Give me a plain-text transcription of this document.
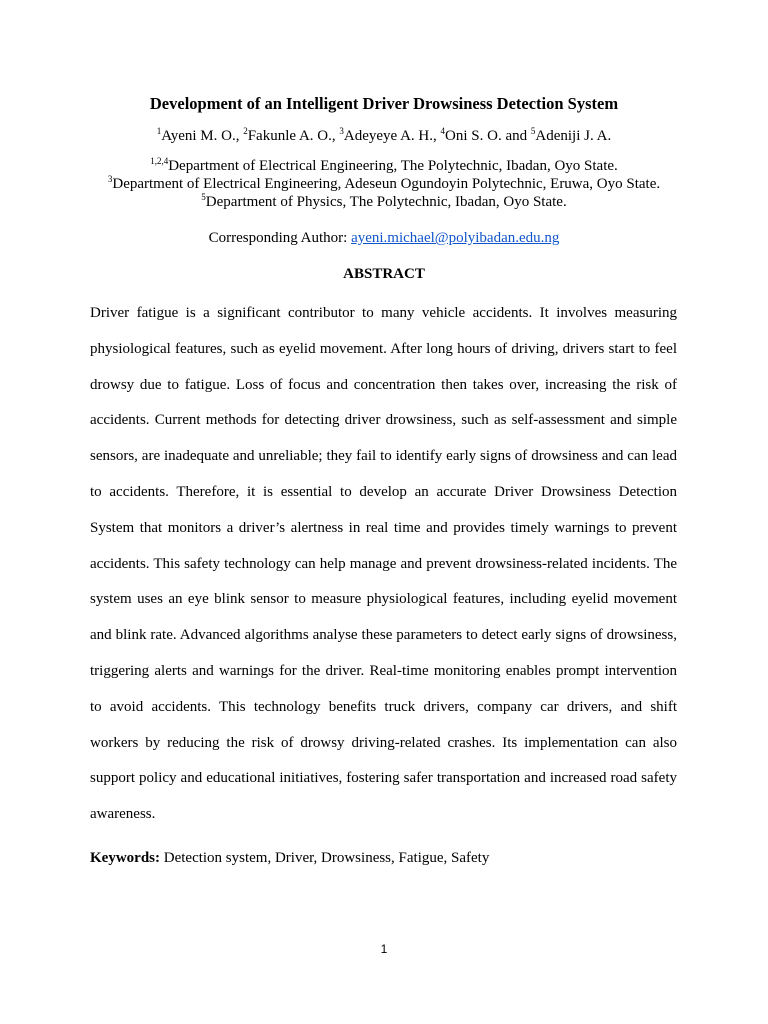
Development of an Intelligent Driver Drowsiness Detection System
$^1$Ayeni M. O., $^2$Fakunle A. O., $^3$Adeyeye A. H., $^4$Oni S. O. and $^5$Adeniji J. A.
$^{1,2,4}$Department of Electrical Engineering, The Polytechnic, Ibadan, Oyo State.
$^3$Department of Electrical Engineering, Adeseun Ogundoyin Polytechnic, Eruwa, Oyo State.
$^5$Department of Physics, The Polytechnic, Ibadan, Oyo State.
Corresponding Author: ayeni.michael@polyibadan.edu.ng
ABSTRACT
Driver fatigue is a significant contributor to many vehicle accidents. It involves measuring
physiological features, such as eyelid movement. After long hours of driving, drivers start to feel
drowsy due to fatigue. Loss of focus and concentration then takes over, increasing the risk of
accidents. Current methods for detecting driver drowsiness, such as self-assessment and simple
sensors, are inadequate and unreliable; they fail to identify early signs of drowsiness and can lead
to accidents. Therefore, it is essential to develop an accurate Driver Drowsiness Detection
System that monitors a driver’s alertness in real time and provides timely warnings to prevent
accidents. This safety technology can help manage and prevent drowsiness-related incidents. The
system uses an eye blink sensor to measure physiological features, including eyelid movement
and blink rate. Advanced algorithms analyse these parameters to detect early signs of drowsiness,
triggering alerts and warnings for the driver. Real-time monitoring enables prompt intervention
to avoid accidents. This technology benefits truck drivers, company car drivers, and shift
workers by reducing the risk of drowsy driving-related crashes. Its implementation can also
support policy and educational initiatives, fostering safer transportation and increased road safety
awareness.
Keywords: Detection system, Driver, Drowsiness, Fatigue, Safety
1
